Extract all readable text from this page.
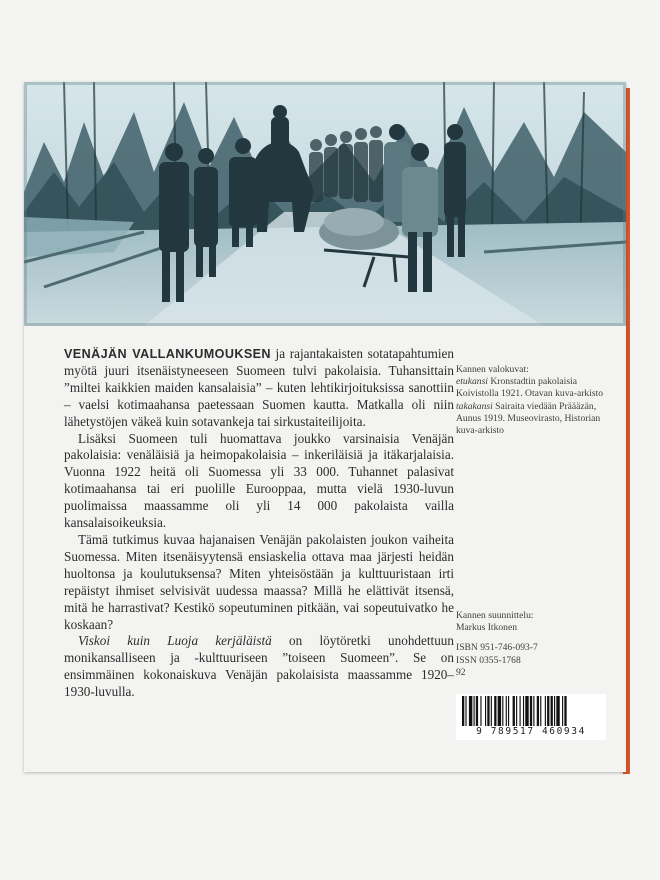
VENÄJÄN VALLANKUMOUKSEN ja rajantakaisten sotatapahtumien myötä juuri itsenäistyneeseen Suomeen tulvi pakolaisia. Tuhansittain ”miltei kaikkien maiden kansalaisia” – kuten lehtikirjoituksissa sanottiin – vaelsi kotimaahansa paetessaan Suomen kautta. Matkalla oli niin lähetystöjen väkeä kuin sotavankeja tai sirkustaiteilijoita.

Lisäksi Suomeen tuli huomattava joukko varsinaisia Venäjän pakolaisia: venäläisiä ja heimopakolaisia – inkeriläisiä ja itäkarjalaisia. Vuonna 1922 heitä oli Suomessa yli 33 000. Tuhannet palasivat kotimaahansa tai eri puolille Eurooppaa, mutta vielä 1930-luvun puolimaissa maassamme oli yli 14 000 pakolaista vailla kansalaisoikeuksia.

Tämä tutkimus kuvaa hajanaisen Venäjän pakolaisten joukon vaiheita Suomessa. Miten itsenäisyytensä ensiaskelia ottava maa järjesti heidän huoltonsa ja koulutuksensa? Miten yhteisöstään ja kulttuuristaan irti repäistyt ihmiset selvisivät uudessa maassa? Millä he elättivät itsensä, mitä he harrastivat? Kestikö sopeutuminen pitkään, vai sopeutuivatko he koskaan?

Viskoi kuin Luoja kerjäläistä on löytöretki unohdettuun monikansalliseen ja -kulttuuriseen ”toiseen Suomeen”. Se on ensimmäinen kokonaiskuva Venäjän pakolaisista maassamme 1920–1930-luvulla.

Kannen valokuvat:

etukansi Kronstadtin pakolaisia Koivistolla 1921. Otavan kuva-arkisto takakansi Sairaita viedään Präääzän, Aunus 1919. Museovirasto, Historian kuva-arkisto

Kannen suunnittelu:
Markus Itkonen
ISBN 951-746-093-7
ISSN 0355-1768
92
9 789517 460934
